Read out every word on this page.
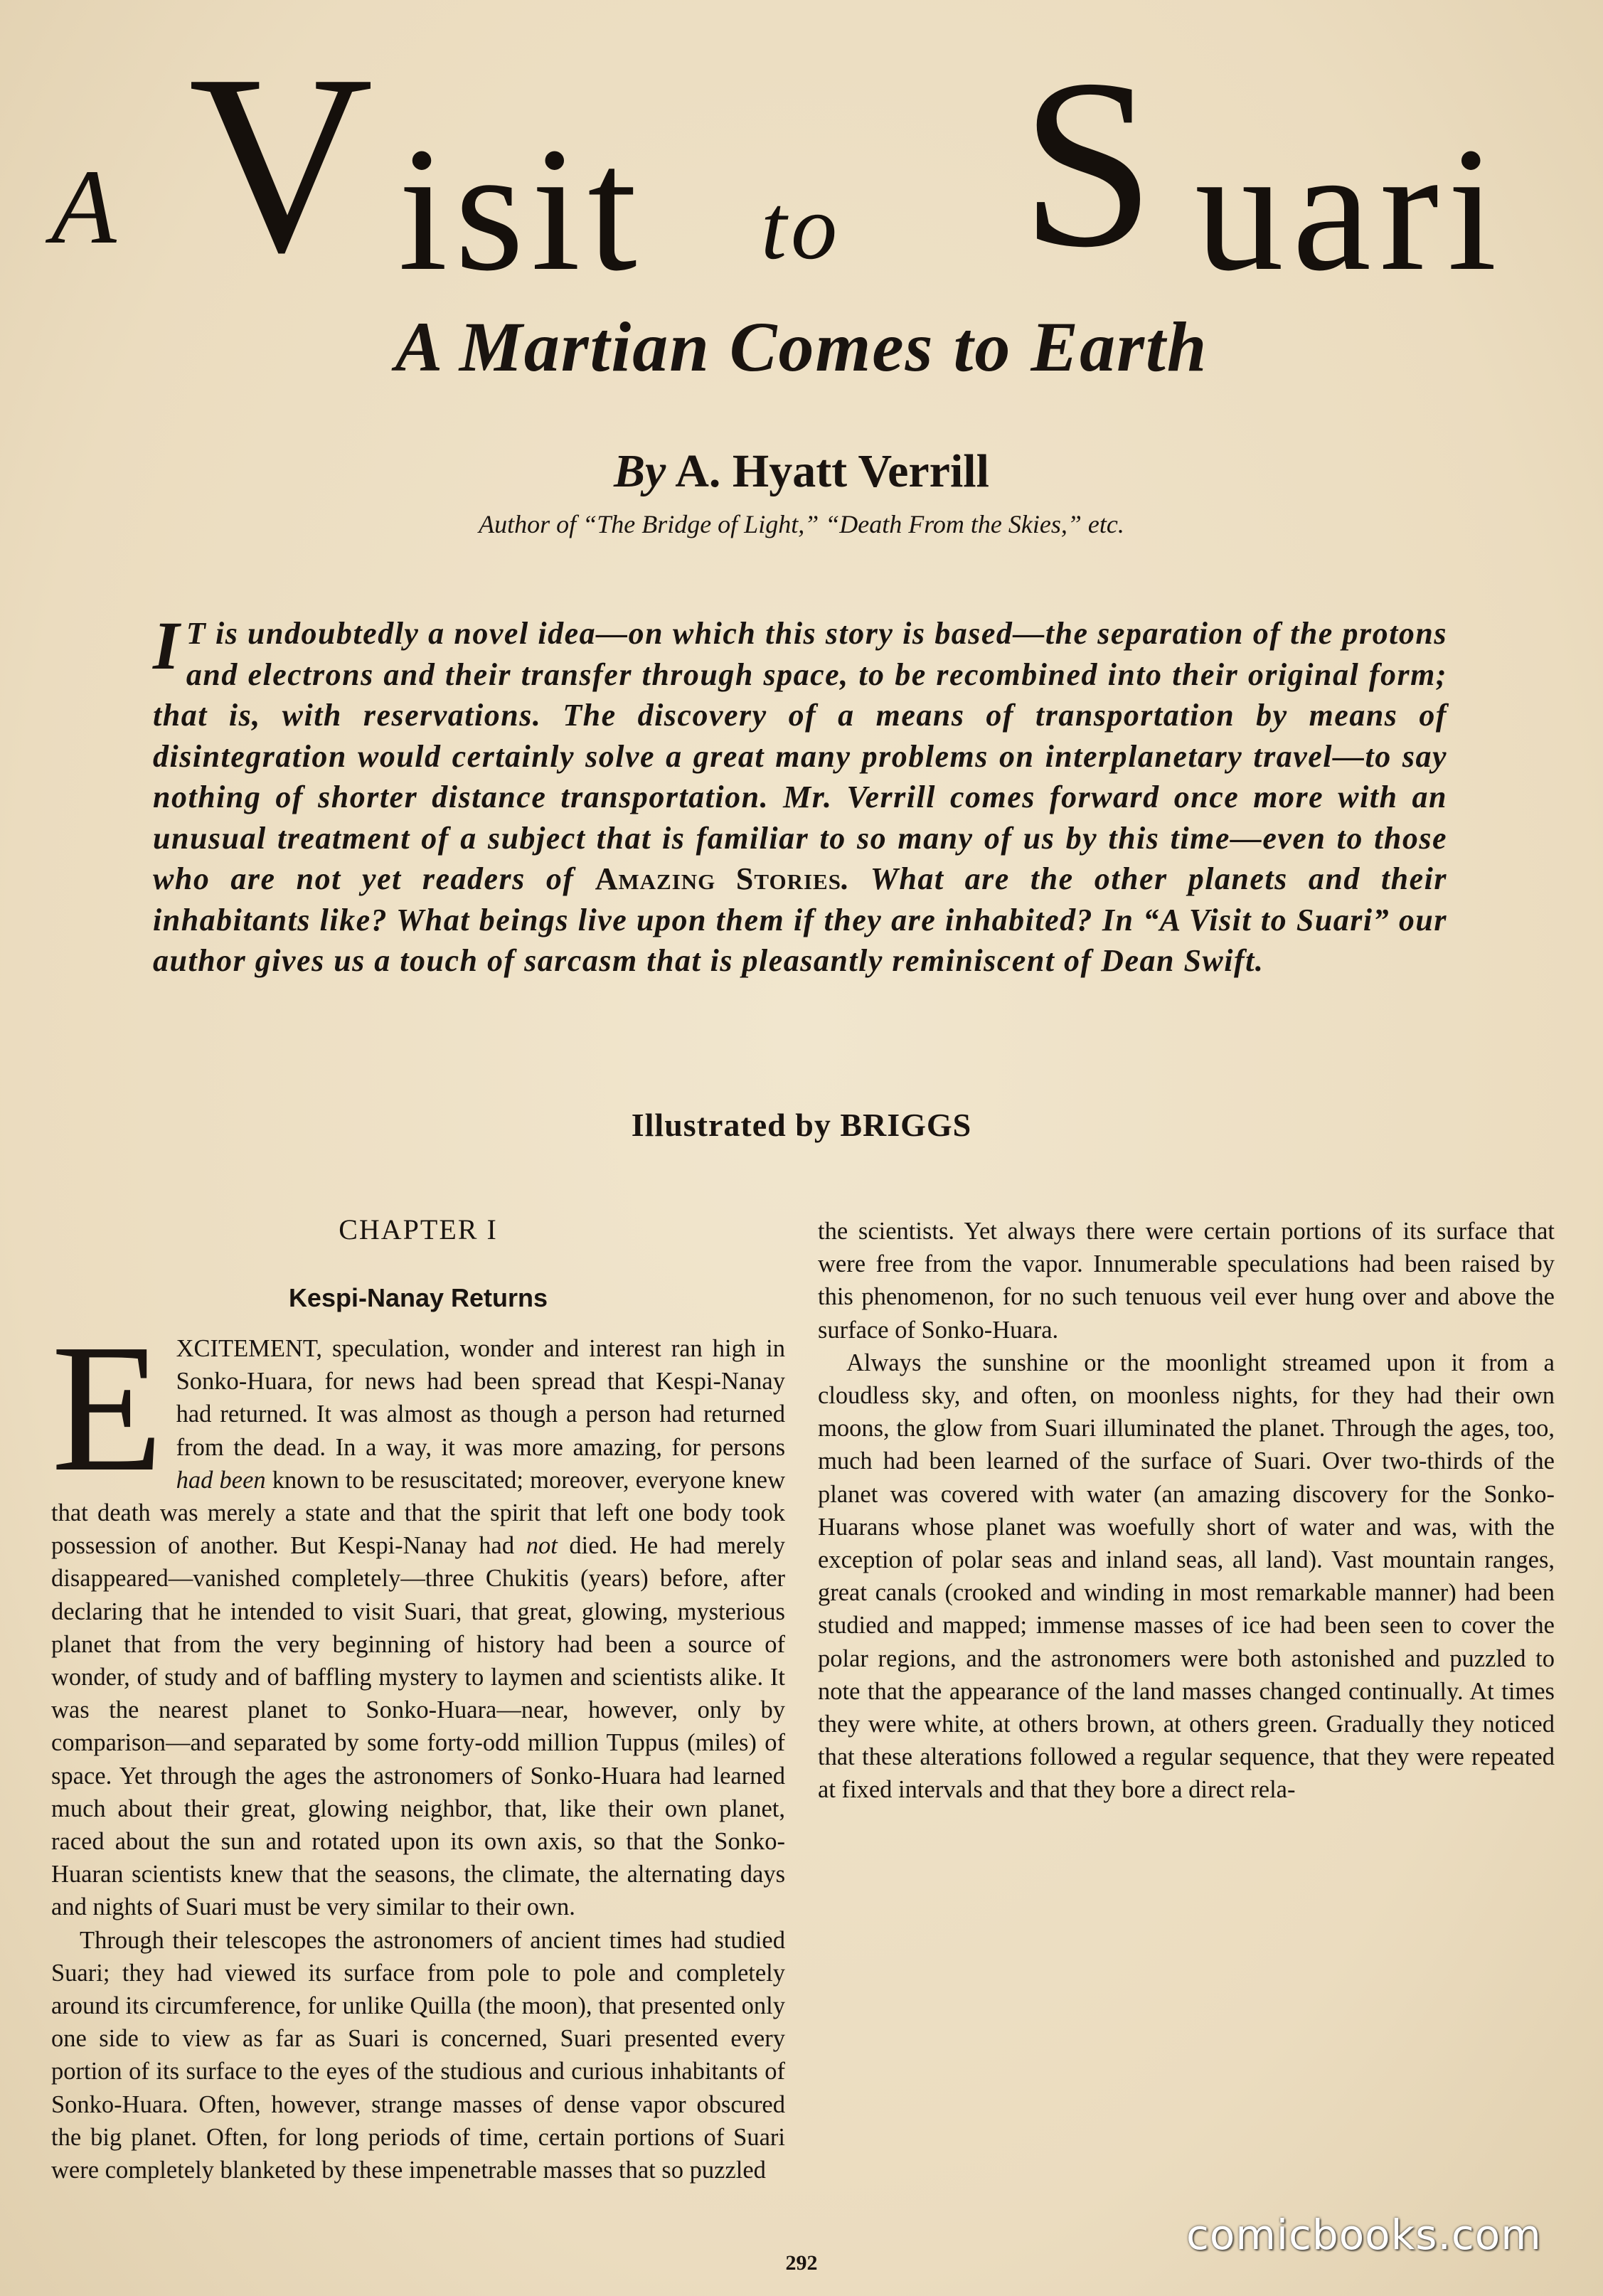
A V isit to S uari
A Martian Comes to Earth
By A. Hyatt Verrill
Author of “The Bridge of Light,” “Death From the Skies,” etc.
I T is undoubtedly a novel idea—on which this story is based—the separation of the protons and electrons and their transfer through space, to be recombined into their original form; that is, with reservations. The discovery of a means of transportation by means of disintegration would certainly solve a great many problems on interplanetary travel—to say nothing of shorter distance transportation. Mr. Verrill comes forward once more with an unusual treatment of a subject that is familiar to so many of us by this time—even to those who are not yet readers of Amazing Stories. What are the other planets and their inhabitants like? What beings live upon them if they are inhabited? In “A Visit to Suari” our author gives us a touch of sarcasm that is pleasantly reminiscent of Dean Swift.
Illustrated by BRIGGS
CHAPTER I
Kespi-Nanay Returns

EXCITEMENT, speculation, wonder and interest ran high in Sonko-Huara, for news had been spread that Kespi-Nanay had returned. It was almost as though a person had returned from the dead. In a way, it was more amazing, for persons had been known to be resuscitated; moreover, everyone knew that death was merely a state and that the spirit that left one body took possession of another. But Kespi-Nanay had not died. He had merely disappeared—vanished completely—three Chukitis (years) before, after declaring that he intended to visit Suari, that great, glowing, mysterious planet that from the very beginning of history had been a source of wonder, of study and of baffling mystery to laymen and scientists alike. It was the nearest planet to Sonko-Huara—near, however, only by comparison—and separated by some forty-odd million Tuppus (miles) of space. Yet through the ages the astronomers of Sonko-Huara had learned much about their great, glowing neighbor, that, like their own planet, raced about the sun and rotated upon its own axis, so that the Sonko-Huaran scientists knew that the seasons, the climate, the alternating days and nights of Suari must be very similar to their own.

Through their telescopes the astronomers of ancient times had studied Suari; they had viewed its surface from pole to pole and completely around its circumference, for unlike Quilla (the moon), that presented only one side to view as far as Suari is concerned, Suari presented every portion of its surface to the eyes of the studious and curious inhabitants of Sonko-Huara. Often, however, strange masses of dense vapor obscured the big planet. Often, for long periods of time, certain portions of Suari were completely blanketed by these impenetrable masses that so puzzled

the scientists. Yet always there were certain portions of its surface that were free from the vapor. Innumerable speculations had been raised by this phenomenon, for no such tenuous veil ever hung over and above the surface of Sonko-Huara.

Always the sunshine or the moonlight streamed upon it from a cloudless sky, and often, on moonless nights, for they had their own moons, the glow from Suari illuminated the planet. Through the ages, too, much had been learned of the surface of Suari. Over two-thirds of the planet was covered with water (an amazing discovery for the Sonko-Huarans whose planet was woefully short of water and was, with the exception of polar seas and inland seas, all land). Vast mountain ranges, great canals (crooked and winding in most remarkable manner) had been studied and mapped; immense masses of ice had been seen to cover the polar regions, and the astronomers were both astonished and puzzled to note that the appearance of the land masses changed continually. At times they were white, at others brown, at others green. Gradually they noticed that these alterations followed a regular sequence, that they were repeated at fixed intervals and that they bore a direct rela-

292
comicbooks.com
